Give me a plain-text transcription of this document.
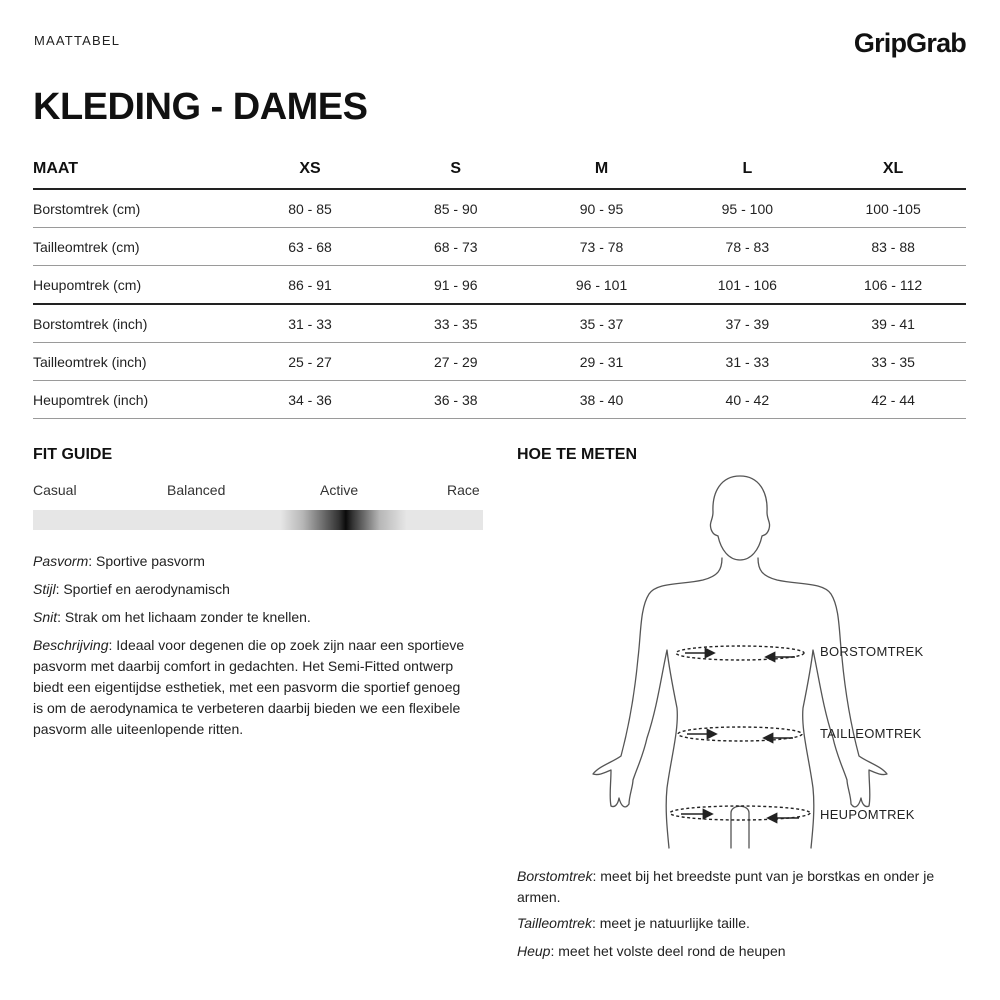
MAATTABEL	GripGrab
KLEDING - DAMES
MAAT	XS	S	M	L	XL
Borstomtrek (cm)	80 - 85	85 - 90	90 - 95	95 - 100	100 -105
Tailleomtrek (cm)	63 - 68	68 - 73	73 - 78	78 - 83	83 - 88
Heupomtrek (cm)	86 - 91	91 - 96	96 - 101	101 - 106	106 - 112
Borstomtrek (inch)	31 - 33	33 - 35	35 - 37	37 - 39	39 - 41
Tailleomtrek (inch)	25 - 27	27 - 29	29 - 31	31 - 33	33 - 35
Heupomtrek (inch)	34 - 36	36 - 38	38 - 40	40 - 42	42 - 44
FIT GUIDE
Casual	Balanced	Active	Race
Pasvorm: Sportive pasvorm
Stijl: Sportief en aerodynamisch
Snit: Strak om het lichaam zonder te knellen.
Beschrijving: Ideaal voor degenen die op zoek zijn naar een sportieve pasvorm met daarbij comfort in gedachten. Het Semi-Fitted ontwerp biedt een eigentijdse esthetiek, met een pasvorm die sportief genoeg is om de aerodynamica te verbeteren daarbij bieden we een flexibele pasvorm alle uiteenlopende ritten.
HOE TE METEN
BORSTOMTREK
TAILLEOMTREK
HEUPOMTREK
Borstomtrek: meet bij het breedste punt van je borstkas en onder je armen.
Tailleomtrek: meet je natuurlijke taille.
Heup: meet het volste deel rond de heupen
